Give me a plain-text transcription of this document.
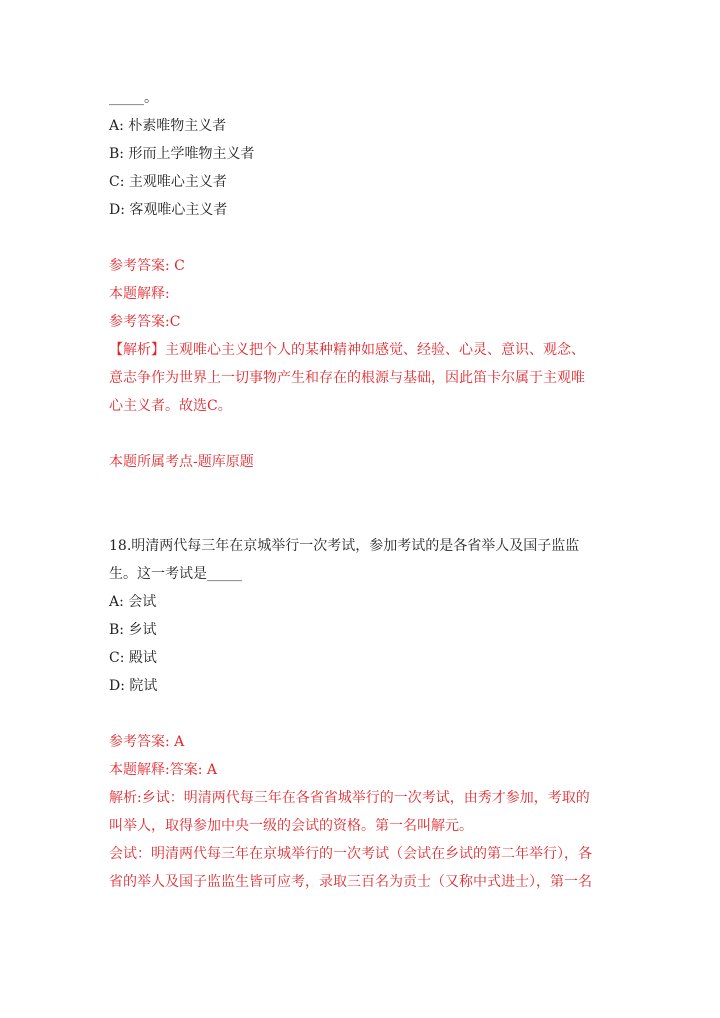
_____。
A: 朴素唯物主义者
B: 形而上学唯物主义者
C: 主观唯心主义者
D: 客观唯心主义者
参考答案: C
本题解释:
参考答案:C
【解析】主观唯心主义把个人的某种精神如感觉、经验、心灵、意识、观念、
意志争作为世界上一切事物产生和存在的根源与基础，因此笛卡尔属于主观唯
心主义者。故选C。
本题所属考点-题库原题
18.明清两代每三年在京城举行一次考试，参加考试的是各省举人及国子监监
生。这一考试是_____
A: 会试
B: 乡试
C: 殿试
D: 院试
参考答案: A
本题解释:答案: A
解析:乡试：明清两代每三年在各省省城举行的一次考试，由秀才参加，考取的
叫举人，取得参加中央一级的会试的资格。第一名叫解元。
会试：明清两代每三年在京城举行的一次考试（会试在乡试的第二年举行），各
省的举人及国子监监生皆可应考，录取三百名为贡士（又称中式进士），第一名
